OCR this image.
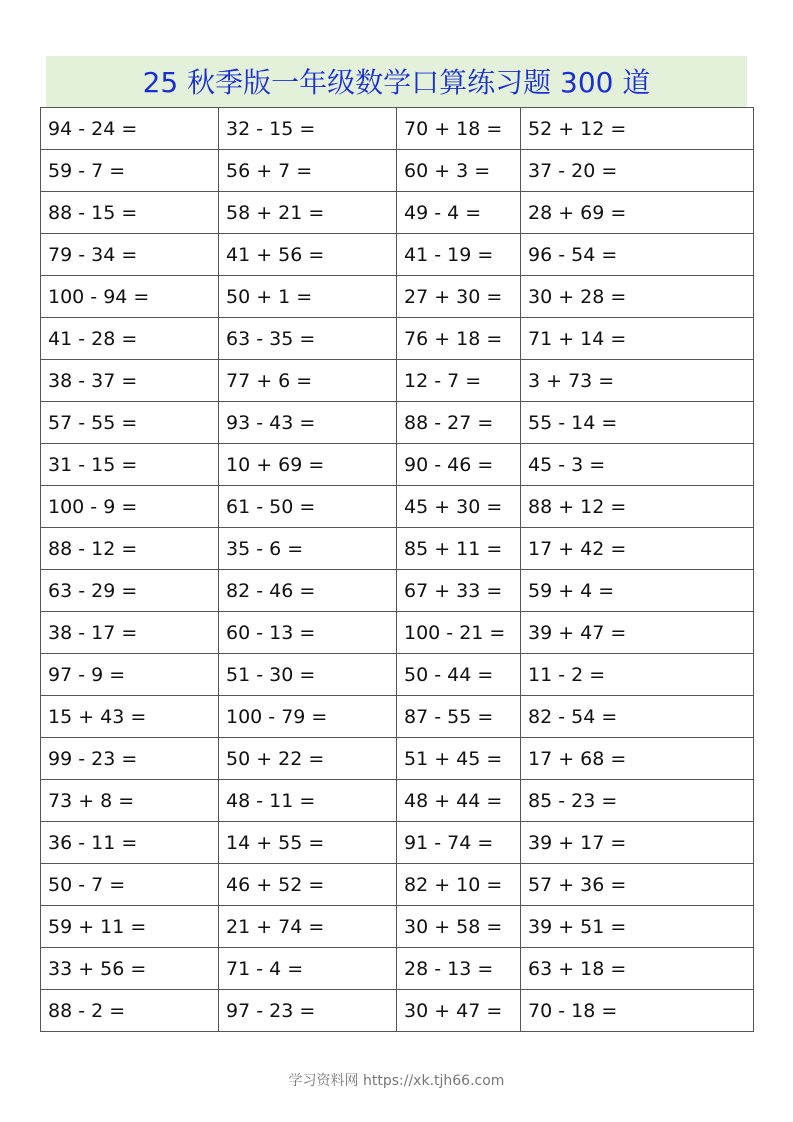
25 秋季版一年级数学口算练习题 300 道
94 - 24 =	32 - 15 =	70 + 18 =	52 + 12 =
59 - 7 =	56 + 7 =	60 + 3 =	37 - 20 =
88 - 15 =	58 + 21 =	49 - 4 =	28 + 69 =
79 - 34 =	41 + 56 =	41 - 19 =	96 - 54 =
100 - 94 =	50 + 1 =	27 + 30 =	30 + 28 =
41 - 28 =	63 - 35 =	76 + 18 =	71 + 14 =
38 - 37 =	77 + 6 =	12 - 7 =	3 + 73 =
57 - 55 =	93 - 43 =	88 - 27 =	55 - 14 =
31 - 15 =	10 + 69 =	90 - 46 =	45 - 3 =
100 - 9 =	61 - 50 =	45 + 30 =	88 + 12 =
88 - 12 =	35 - 6 =	85 + 11 =	17 + 42 =
63 - 29 =	82 - 46 =	67 + 33 =	59 + 4 =
38 - 17 =	60 - 13 =	100 - 21 =	39 + 47 =
97 - 9 =	51 - 30 =	50 - 44 =	11 - 2 =
15 + 43 =	100 - 79 =	87 - 55 =	82 - 54 =
99 - 23 =	50 + 22 =	51 + 45 =	17 + 68 =
73 + 8 =	48 - 11 =	48 + 44 =	85 - 23 =
36 - 11 =	14 + 55 =	91 - 74 =	39 + 17 =
50 - 7 =	46 + 52 =	82 + 10 =	57 + 36 =
59 + 11 =	21 + 74 =	30 + 58 =	39 + 51 =
33 + 56 =	71 - 4 =	28 - 13 =	63 + 18 =
88 - 2 =	97 - 23 =	30 + 47 =	70 - 18 =
学习资料网 https://xk.tjh66.com
